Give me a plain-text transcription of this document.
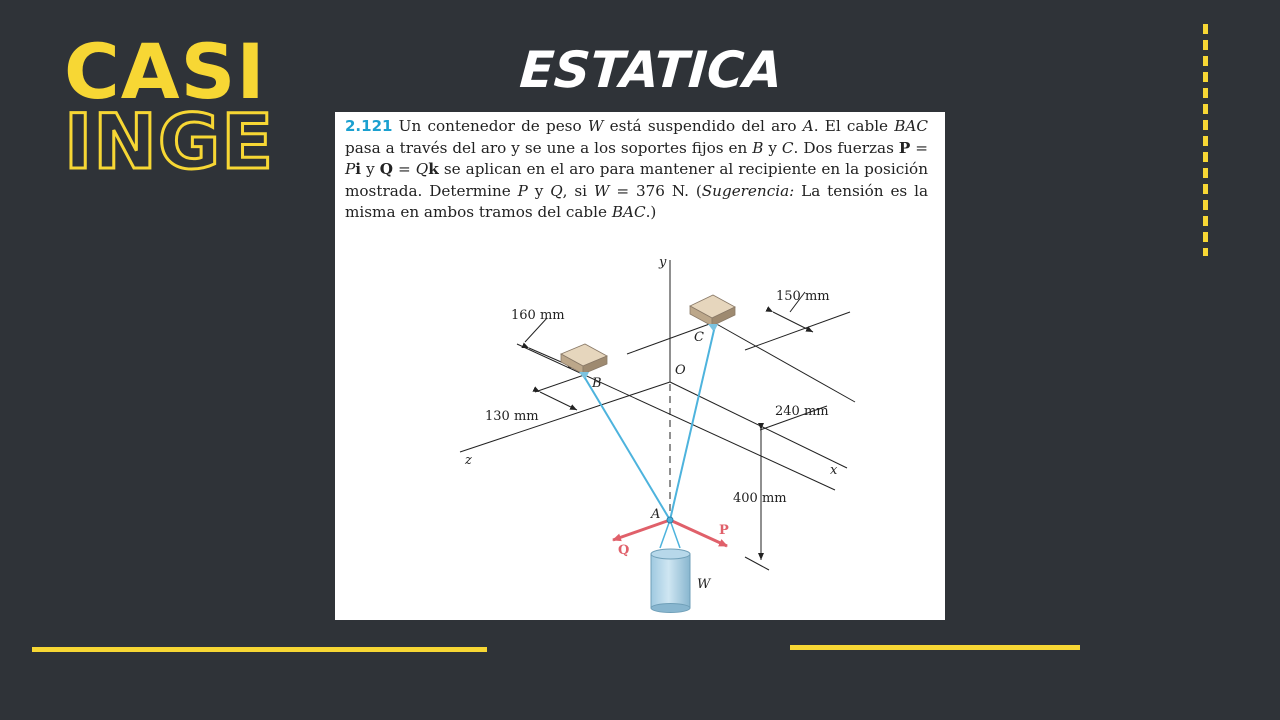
CASI
INGE
ESTATICA

2.121 Un contenedor de peso W está suspendido del aro A. El cable BAC pasa a través del aro y se une a los soportes fijos en B y C. Dos fuerzas P = Pi y Q = Qk se aplican en el aro para mantener al recipiente en la posición mostrada. Determine P y Q, si W = 376 N. (Sugerencia: La tensión es la misma en ambos tramos del cable BAC.)

y
x
z
O
A
B
C
P
Q
W
160 mm
150 mm
130 mm	240 mm
400 mm
